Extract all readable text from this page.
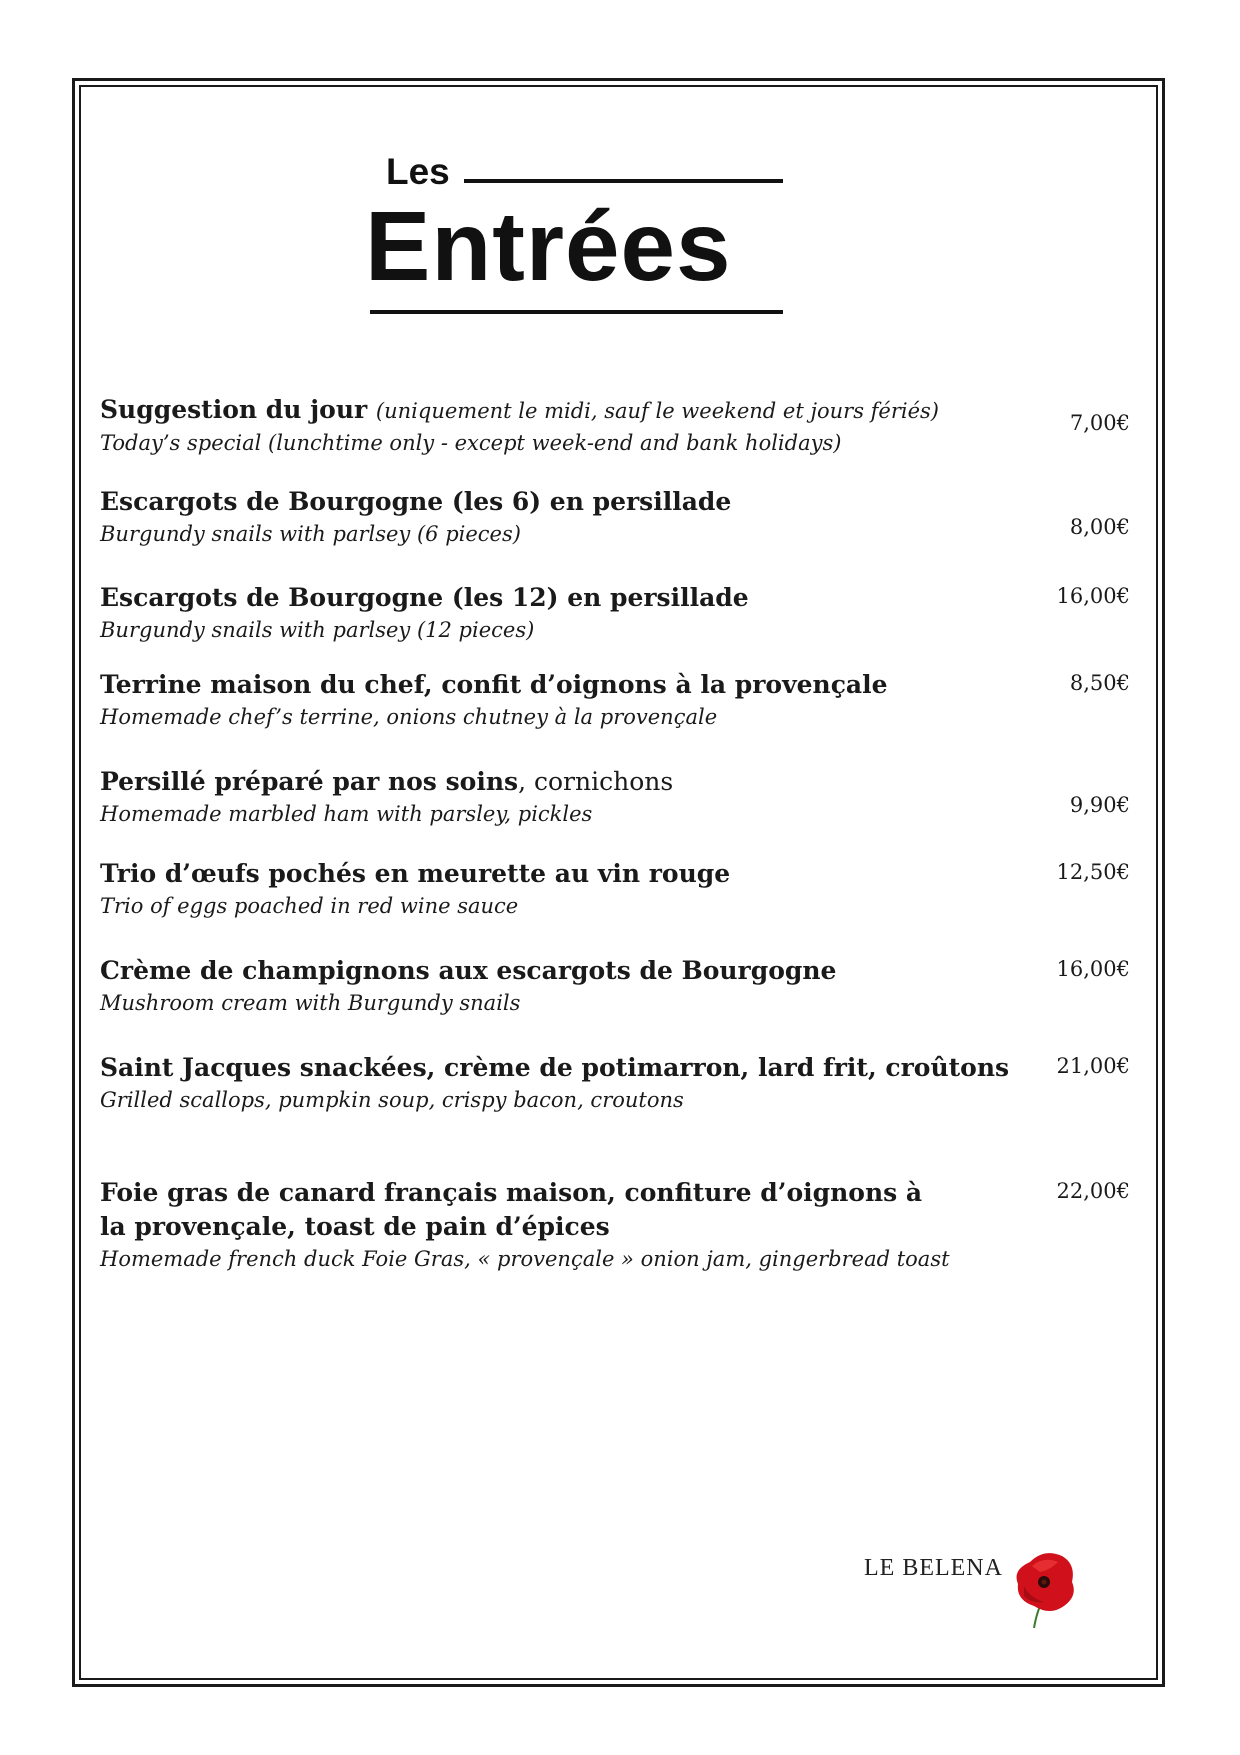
Les
Entrées
Suggestion du jour (uniquement le midi, sauf le weekend et jours fériés)
Today’s special (lunchtime only - except week-end and bank holidays)
7,00€
Escargots de Bourgogne (les 6) en persillade
Burgundy snails with parlsey (6 pieces)	8,00€
Escargots de Bourgogne (les 12) en persillade
Burgundy snails with parlsey (12 pieces)
16,00€
Terrine maison du chef, confit d’oignons à la provençale
Homemade chef’s terrine, onions chutney à la provençale
8,50€
Persillé préparé par nos soins, cornichons
Homemade marbled ham with parsley, pickles	9,90€
Trio d’œufs pochés en meurette au vin rouge
Trio of eggs poached in red wine sauce
12,50€
Crème de champignons aux escargots de Bourgogne
Mushroom cream with Burgundy snails
16,00€
Saint Jacques snackées, crème de potimarron, lard frit, croûtons
Grilled scallops, pumpkin soup, crispy bacon, croutons
21,00€
Foie gras de canard français maison, confiture d’oignons à la provençale, toast de pain d’épices
Homemade french duck Foie Gras, « provençale » onion jam, gingerbread toast
22,00€
LE BELENA
